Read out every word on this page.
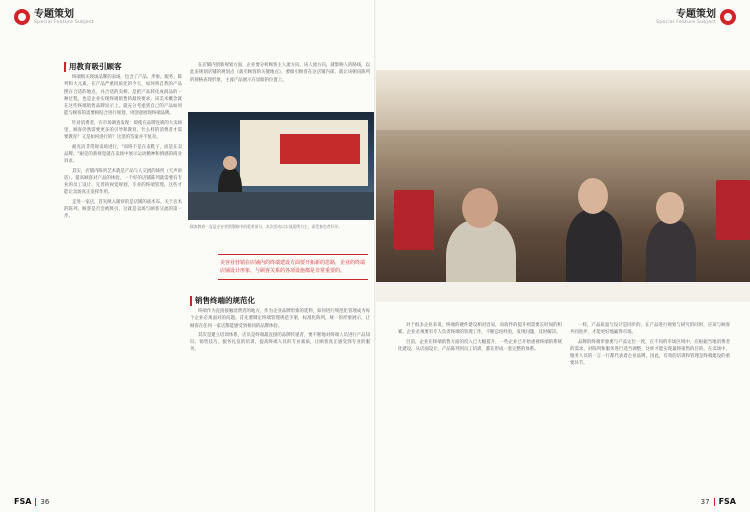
专题策划
Special Feature Subject
专题策划
Special Feature Subject

用教育吸引顾客

终端购买现场品牌的表场，包含了产品、形象、服务、陈列和大元素。在产品严重同质化的今天，如何将自然的产品摆在合适的地点，并合适的卖相，是把产品转化成商品的一种过程。也是企业实现终端销售的最终要求。该美术概念就在这些终端销售品牌显示上。就充分考虑到自己的产品如何能与顾客的需要相结合进行规划，用创意展现终端品牌。

针对消费者，在市场调查发现：即使在品牌连锁的大卖场里，顾客仍然需要更多的引导和教育。什么样的消费者才需要教育？又是如何进行的？这里的答案并不复杂。

耐克向非常规卖场进行，"而终不是在卖鞋子，而是在卖品牌。"耐克的新视觉就在卖场中展示运动精神和情感的商业诉求。

其实，店铺内陈列艺术就是产品与人交流的场所（天声讲话）。提高顾客对产品的体验，一个好的店铺陈列就需要有专业的员工设计，完善的视觉规划，专业的终端管理，这些才能让卖场真正发挥作用。

走进一家店，首先映入眼帘的是店铺的战术布。关于店术的陈列，顾客是否会被吸引，这就是卖场与顾客交流的第一步。

在店铺内创新规划方面，企业要分析顾客主人流方向。该人流方向，就影响人的路线，以此来规划店铺的规划点（就引顾客的关键地点），要做引顾客在这店铺内部，就让该朝向陈列的规格表现形象，主流产品展示在显眼的位置上。

顾客教育一直是企业营销策略中的重要部分，本次活动以实战案例为主，深受参会者好评。
美容业营销在店铺内的终端建设方面要开拓新的思路，企业的终端店铺设计形象、与顾客关系的各项设施都是非常重要的。

销售终端的规范化

终端作为直接接触消费者的地方，作为企业品牌形象的延伸，如何进行规范化管理成为每个企业必须面对的问题。首先要制定终端管理规范手册，标准化陈列，统一的形象展示，让顾客在任何一家店都能感受到相同的品牌体验。

其次是建立培训体系，店员是终端最直接的品牌传递者，要不断地对终端人员进行产品知识、销售技巧、服务礼仪的培训，提高终端人员的专业素质，让顾客真正感受到专业的服务。

对于很多企业来说，终端的硬件建设相对容易，而软件的提升则需要长时间的积累。企业必须要有专人负责终端的管理工作，不断总结经验，发现问题，及时解决。

目前，企业在终端销售方面的投入已大幅提升，一些企业已开始重视终端的系统化建设，从店面设计、产品陈列到员工培训，都在形成一套完整的体系。

一样，产品质量与设计是同步的，在产品进行规划与研究的同时，应该与顾客共同进步，才能更好地赢得市场。

品牌的终端形象要与产品定位一致，在不同的市场区域中，应根据当地消费者的需求，对陈列和服务进行适当调整，这样才能实现最终销售的目的。在卖场中，服务人员的一言一行都代表着企业品牌，因此，有效的培训和管理是终端建设的重要环节。

FSA 36	37 FSA
